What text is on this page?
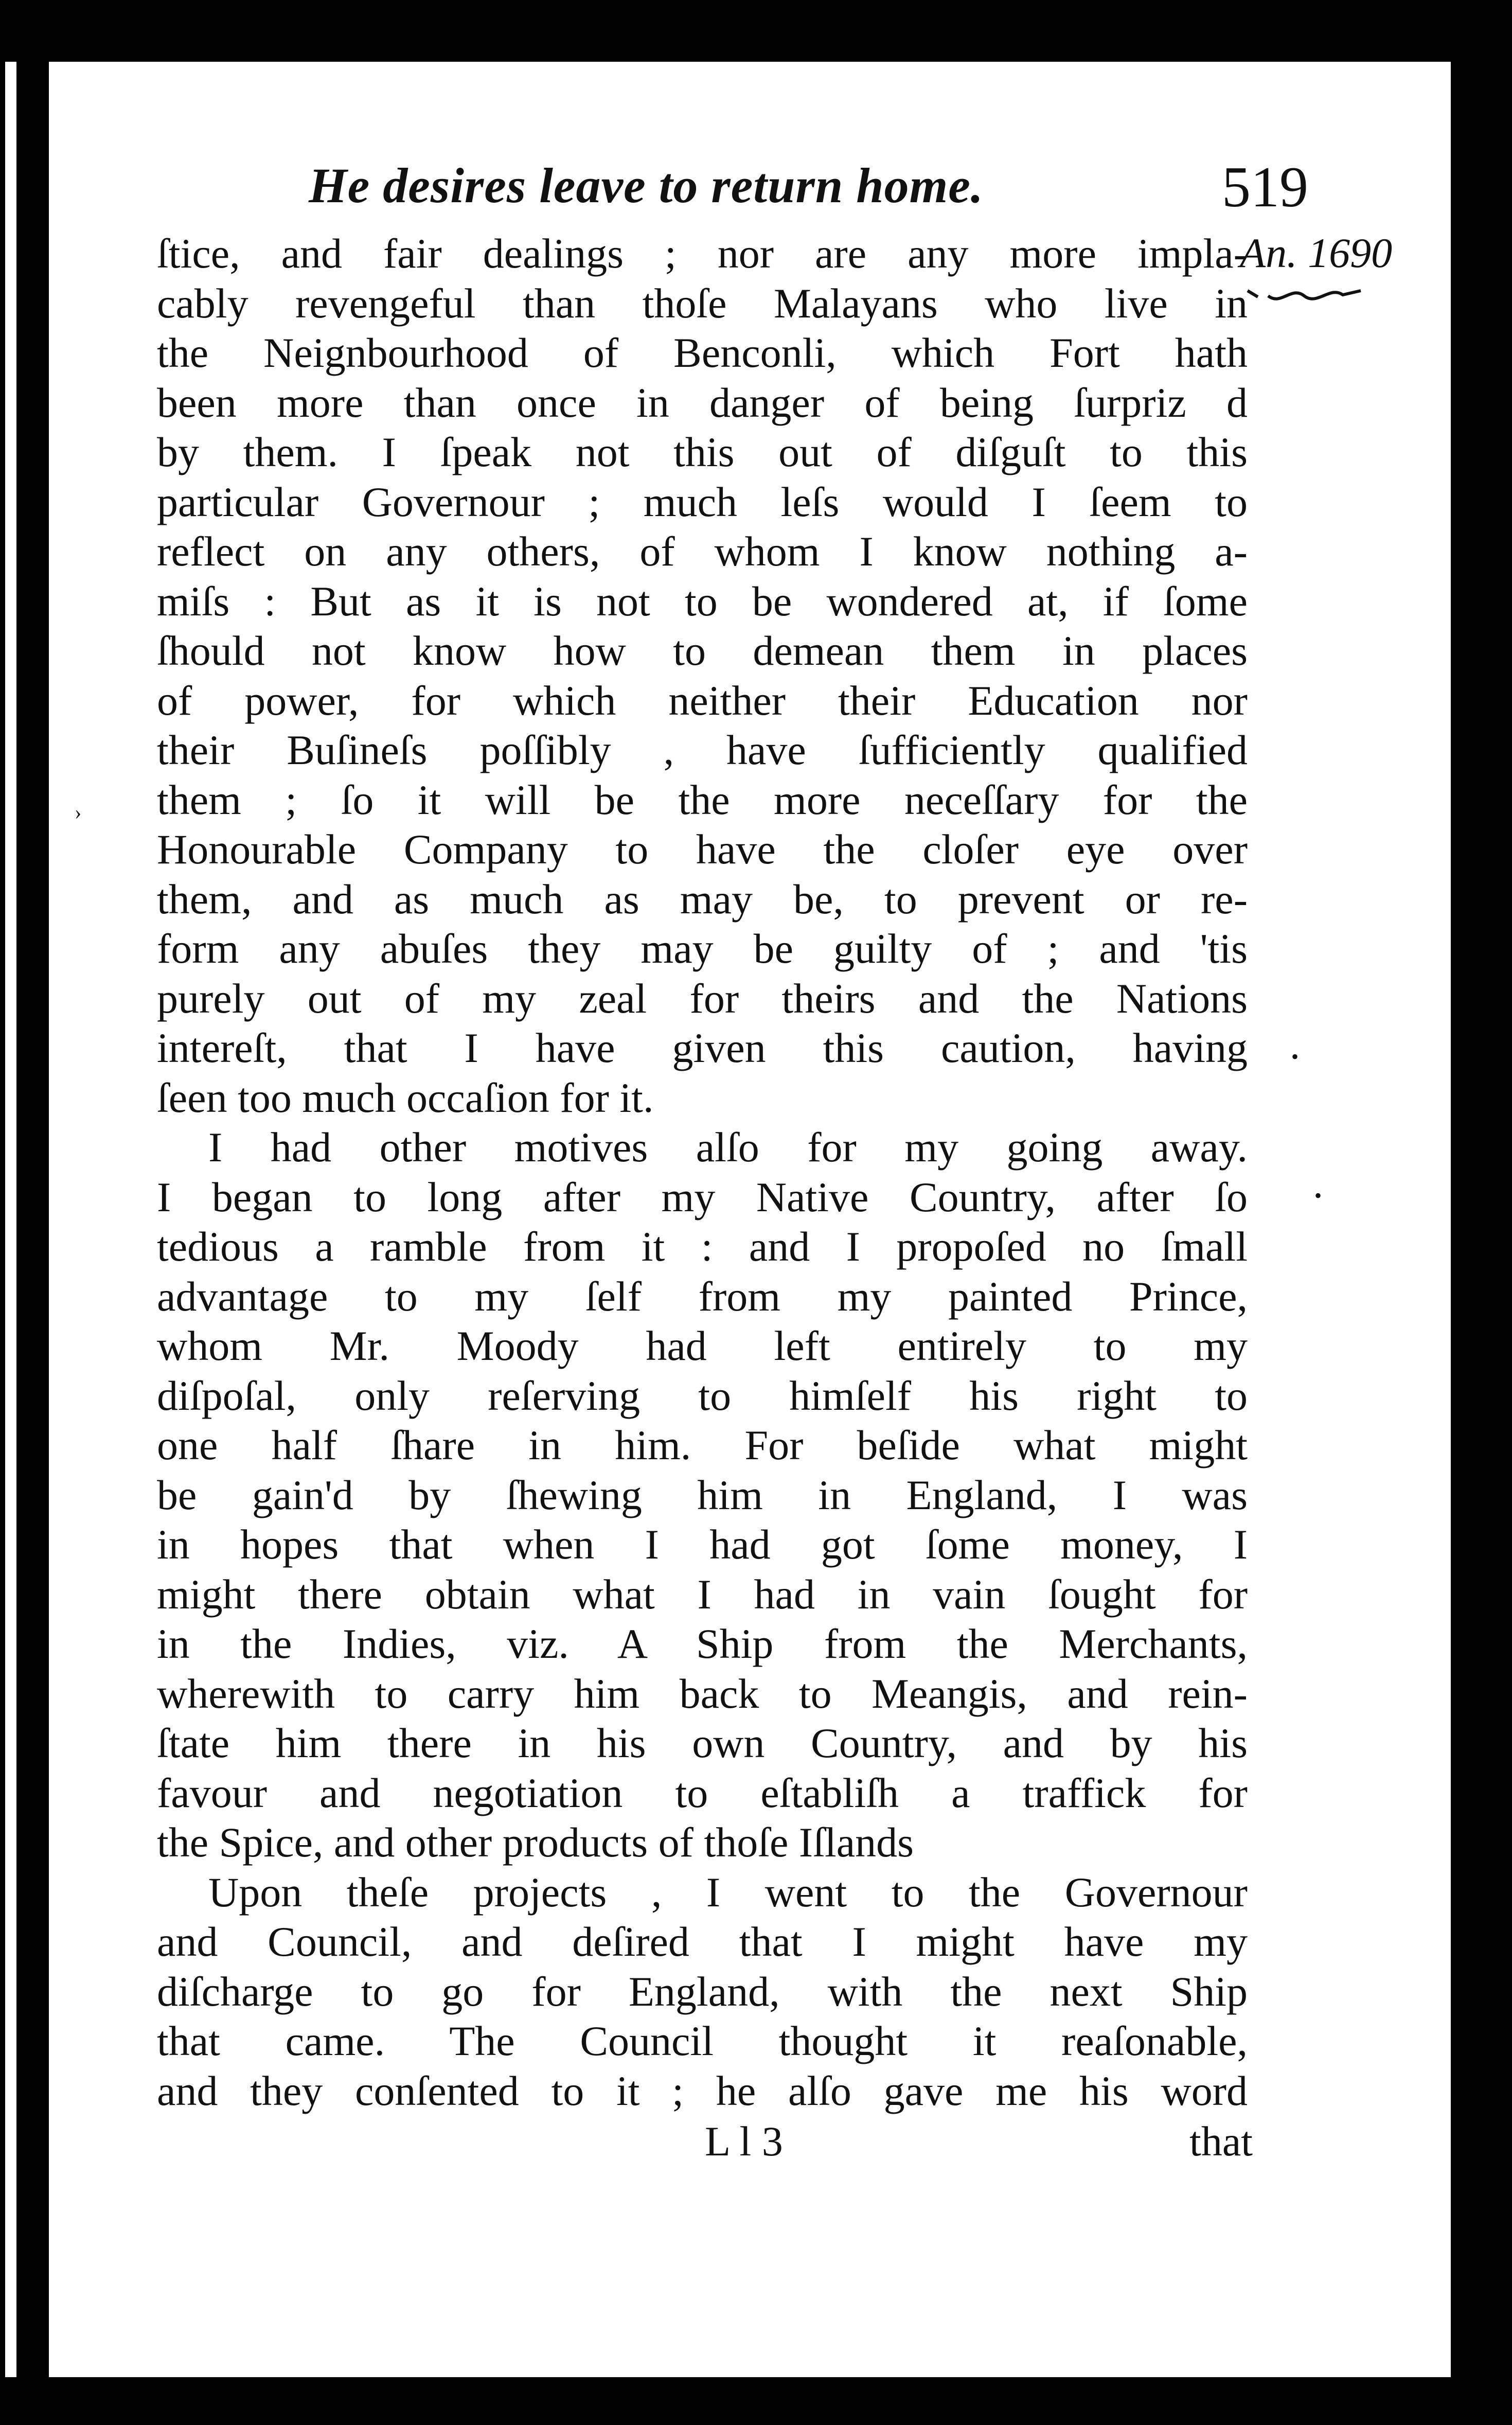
He desires leave to return home.	519
An. 1690
ſtice, and fair dealings ; nor are any more impla-
cably revengeful than thoſe Malayans who live in
the Neignbourhood of Benconli, which Fort hath
been more than once in danger of being ſurpriz d
by them. I ſpeak not this out of diſguſt to this
particular Governour ; much leſs would I ſeem to
reflect on any others, of whom I know nothing a-
miſs : But as it is not to be wondered at, if ſome
ſhould not know how to demean them in places
of power, for which neither their Education nor
their Buſineſs poſſibly , have ſufficiently qualified
them ; ſo it will be the more neceſſary for the
Honourable Company to have the cloſer eye over
them, and as much as may be, to prevent or re-
form any abuſes they may be guilty of ; and 'tis
purely out of my zeal for theirs and the Nations
intereſt, that I have given this caution, having
ſeen too much occaſion for it.
I had other motives alſo for my going away.
I began to long after my Native Country, after ſo
tedious a ramble from it : and I propoſed no ſmall
advantage to my ſelf from my painted Prince,
whom Mr. Moody had left entirely to my
diſpoſal, only reſerving to himſelf his right to
one half ſhare in him. For beſide what might
be gain'd by ſhewing him in England, I was
in hopes that when I had got ſome money, I
might there obtain what I had in vain ſought for
in the Indies, viz. A Ship from the Merchants,
wherewith to carry him back to Meangis, and rein-
ſtate him there in his own Country, and by his
favour and negotiation to eſtabliſh a traffick for
the Spice, and other products of thoſe Iſlands
Upon theſe projects , I went to the Governour
and Council, and deſired that I might have my
diſcharge to go for England, with the next Ship
that came. The Council thought it reaſonable,
and they conſented to it ; he alſo gave me his word
L l 3	that
›
•
•
